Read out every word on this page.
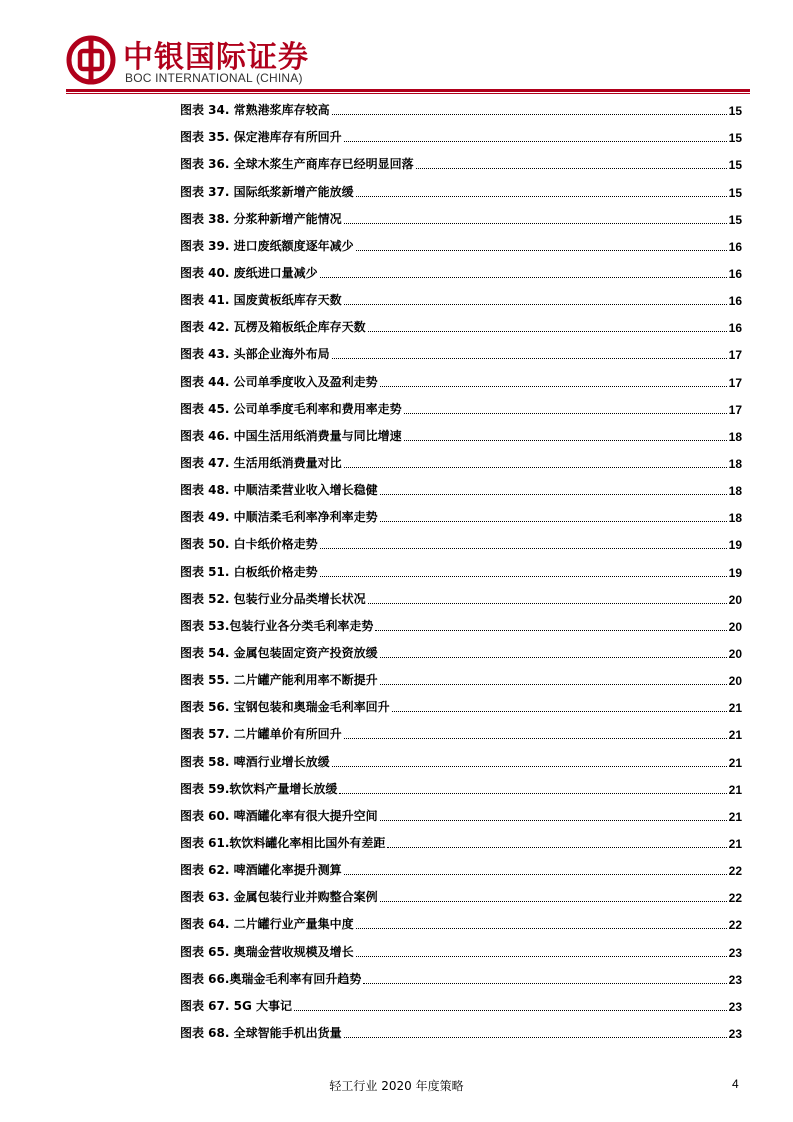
中银国际证券
BOC INTERNATIONAL (CHINA)
图表 34. 常熟港浆库存较高	15
图表 35. 保定港库存有所回升	15
图表 36. 全球木浆生产商库存已经明显回落	15
图表 37. 国际纸浆新增产能放缓	15
图表 38. 分浆种新增产能情况	15
图表 39. 进口废纸额度逐年减少	16
图表 40. 废纸进口量减少	16
图表 41. 国废黄板纸库存天数	16
图表 42. 瓦楞及箱板纸企库存天数	16
图表 43. 头部企业海外布局	17
图表 44. 公司单季度收入及盈利走势	17
图表 45. 公司单季度毛利率和费用率走势	17
图表 46. 中国生活用纸消费量与同比增速	18
图表 47. 生活用纸消费量对比	18
图表 48. 中顺洁柔营业收入增长稳健	18
图表 49. 中顺洁柔毛利率净利率走势	18
图表 50. 白卡纸价格走势	19
图表 51. 白板纸价格走势	19
图表 52. 包装行业分品类增长状况	20
图表 53.包装行业各分类毛利率走势	20
图表 54. 金属包装固定资产投资放缓	20
图表 55. 二片罐产能利用率不断提升	20
图表 56. 宝钢包装和奥瑞金毛利率回升	21
图表 57. 二片罐单价有所回升	21
图表 58. 啤酒行业增长放缓	21
图表 59.软饮料产量增长放缓	21
图表 60. 啤酒罐化率有很大提升空间	21
图表 61.软饮料罐化率相比国外有差距	21
图表 62. 啤酒罐化率提升测算	22
图表 63. 金属包装行业并购整合案例	22
图表 64. 二片罐行业产量集中度	22
图表 65. 奥瑞金营收规模及增长	23
图表 66.奥瑞金毛利率有回升趋势	23
图表 67. 5G 大事记	23
图表 68. 全球智能手机出货量	23
轻工行业 2020 年度策略	4
